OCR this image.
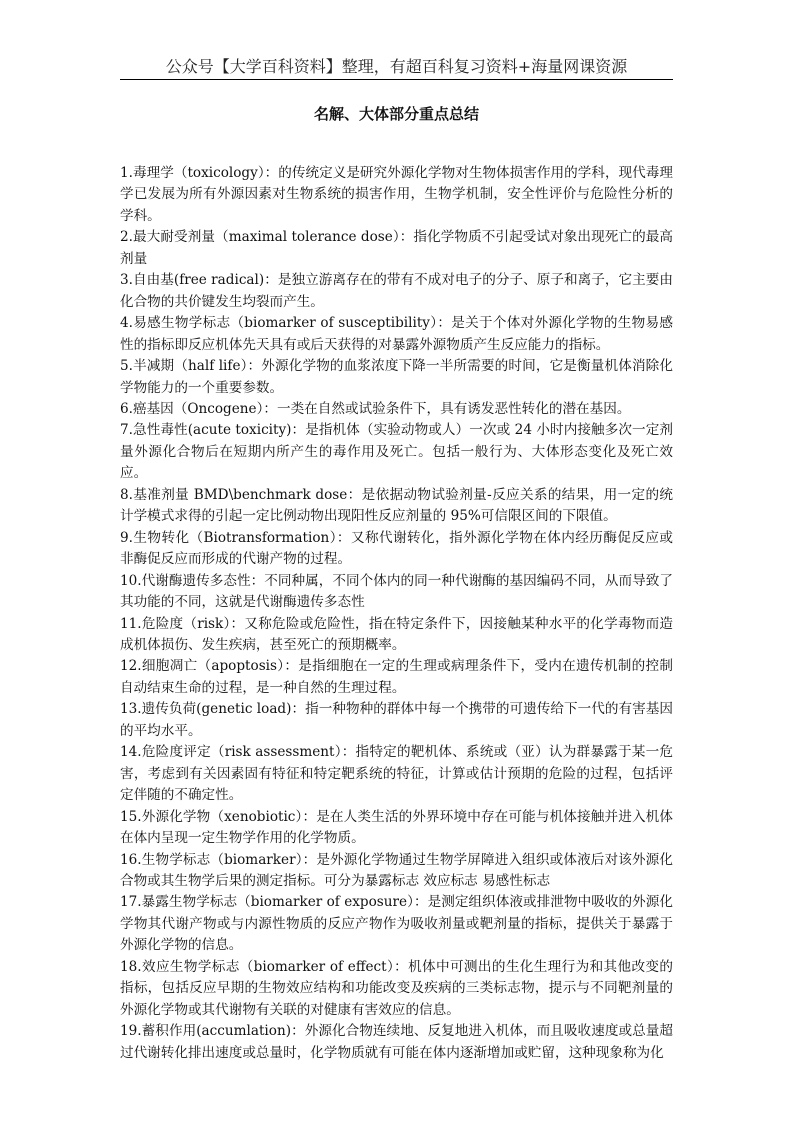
公众号【大学百科资料】整理，有超百科复习资料+海量网课资源
名解、大体部分重点总结

1.毒理学（toxicology）：的传统定义是研究外源化学物对生物体损害作用的学科，现代毒理学已发展为所有外源因素对生物系统的损害作用，生物学机制，安全性评价与危险性分析的学科。

2.最大耐受剂量（maximal tolerance dose）：指化学物质不引起受试对象出现死亡的最高剂量

3.自由基(free radical)：是独立游离存在的带有不成对电子的分子、原子和离子，它主要由化合物的共价键发生均裂而产生。

4.易感生物学标志（biomarker of susceptibility）：是关于个体对外源化学物的生物易感性的指标即反应机体先天具有或后天获得的对暴露外源物质产生反应能力的指标。

5.半减期（half life）：外源化学物的血浆浓度下降一半所需要的时间，它是衡量机体消除化学物能力的一个重要参数。

6.癌基因（Oncogene）：一类在自然或试验条件下，具有诱发恶性转化的潜在基因。

7.急性毒性(acute toxicity)：是指机体（实验动物或人）一次或 24 小时内接触多次一定剂量外源化合物后在短期内所产生的毒作用及死亡。包括一般行为、大体形态变化及死亡效应。

8.基准剂量 BMD\benchmark dose：是依据动物试验剂量-反应关系的结果，用一定的统计学模式求得的引起一定比例动物出现阳性反应剂量的 95%可信限区间的下限值。

9.生物转化（Biotransformation）：又称代谢转化，指外源化学物在体内经历酶促反应或非酶促反应而形成的代谢产物的过程。

10.代谢酶遗传多态性：不同种属，不同个体内的同一种代谢酶的基因编码不同，从而导致了其功能的不同，这就是代谢酶遗传多态性

11.危险度（risk）：又称危险或危险性，指在特定条件下，因接触某种水平的化学毒物而造成机体损伤、发生疾病，甚至死亡的预期概率。

12.细胞凋亡（apoptosis）：是指细胞在一定的生理或病理条件下，受内在遗传机制的控制自动结束生命的过程，是一种自然的生理过程。

13.遗传负荷(genetic load)：指一种物种的群体中每一个携带的可遗传给下一代的有害基因的平均水平。

14.危险度评定（risk assessment）：指特定的靶机体、系统或（亚）认为群暴露于某一危害，考虑到有关因素固有特征和特定靶系统的特征，计算或估计预期的危险的过程，包括评定伴随的不确定性。

15.外源化学物（xenobiotic）：是在人类生活的外界环境中存在可能与机体接触并进入机体在体内呈现一定生物学作用的化学物质。

16.生物学标志（biomarker）：是外源化学物通过生物学屏障进入组织或体液后对该外源化合物或其生物学后果的测定指标。可分为暴露标志 效应标志 易感性标志

17.暴露生物学标志（biomarker of exposure）：是测定组织体液或排泄物中吸收的外源化学物其代谢产物或与内源性物质的反应产物作为吸收剂量或靶剂量的指标，提供关于暴露于外源化学物的信息。

18.效应生物学标志（biomarker of effect）：机体中可测出的生化生理行为和其他改变的指标，包括反应早期的生物效应结构和功能改变及疾病的三类标志物，提示与不同靶剂量的外源化学物或其代谢物有关联的对健康有害效应的信息。

19.蓄积作用(accumlation)：外源化合物连续地、反复地进入机体，而且吸收速度或总量超过代谢转化排出速度或总量时，化学物质就有可能在体内逐渐增加或贮留，这种现象称为化
